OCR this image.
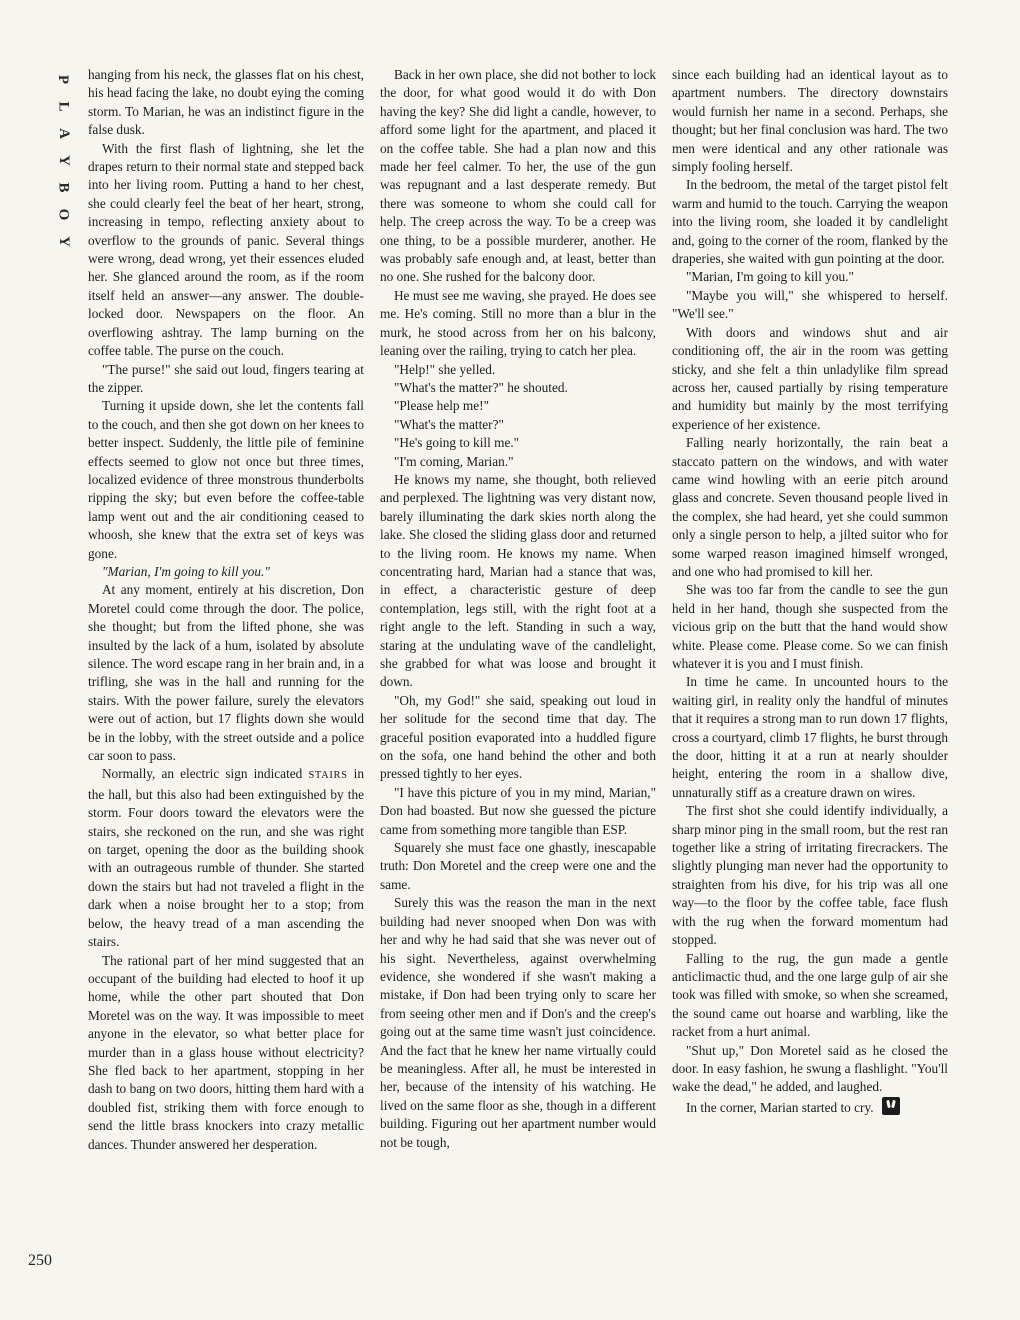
P
L
A
Y
B
O
Y

hanging from his neck, the glasses flat on his chest, his head facing the lake, no doubt eying the coming storm. To Marian, he was an indistinct figure in the false dusk.

With the first flash of lightning, she let the drapes return to their normal state and stepped back into her living room. Putting a hand to her chest, she could clearly feel the beat of her heart, strong, increasing in tempo, reflecting anxiety about to overflow to the grounds of panic. Several things were wrong, dead wrong, yet their essences eluded her. She glanced around the room, as if the room itself held an answer—any answer. The double-locked door. Newspapers on the floor. An overflowing ashtray. The lamp burning on the coffee table. The purse on the couch.

"The purse!" she said out loud, fingers tearing at the zipper.

Turning it upside down, she let the contents fall to the couch, and then she got down on her knees to better inspect. Suddenly, the little pile of feminine effects seemed to glow not once but three times, localized evidence of three monstrous thunderbolts ripping the sky; but even before the coffee-table lamp went out and the air conditioning ceased to whoosh, she knew that the extra set of keys was gone.

"Marian, I'm going to kill you."

At any moment, entirely at his discretion, Don Moretel could come through the door. The police, she thought; but from the lifted phone, she was insulted by the lack of a hum, isolated by absolute silence. The word escape rang in her brain and, in a trifling, she was in the hall and running for the stairs. With the power failure, surely the elevators were out of action, but 17 flights down she would be in the lobby, with the street outside and a police car soon to pass.

Normally, an electric sign indicated STAIRS in the hall, but this also had been extinguished by the storm. Four doors toward the elevators were the stairs, she reckoned on the run, and she was right on target, opening the door as the building shook with an outrageous rumble of thunder. She started down the stairs but had not traveled a flight in the dark when a noise brought her to a stop; from below, the heavy tread of a man ascending the stairs.

The rational part of her mind suggested that an occupant of the building had elected to hoof it up home, while the other part shouted that Don Moretel was on the way. It was impossible to meet anyone in the elevator, so what better place for murder than in a glass house without electricity? She fled back to her apartment, stopping in her dash to bang on two doors, hitting them hard with a doubled fist, striking them with force enough to send the little brass knockers into crazy metallic dances. Thunder answered her desperation.

Back in her own place, she did not bother to lock the door, for what good would it do with Don having the key? She did light a candle, however, to afford some light for the apartment, and placed it on the coffee table. She had a plan now and this made her feel calmer. To her, the use of the gun was repugnant and a last desperate remedy. But there was someone to whom she could call for help. The creep across the way. To be a creep was one thing, to be a possible murderer, another. He was probably safe enough and, at least, better than no one. She rushed for the balcony door.

He must see me waving, she prayed. He does see me. He's coming. Still no more than a blur in the murk, he stood across from her on his balcony, leaning over the railing, trying to catch her plea.

"Help!" she yelled.

"What's the matter?" he shouted.

"Please help me!"

"What's the matter?"

"He's going to kill me."

"I'm coming, Marian."

He knows my name, she thought, both relieved and perplexed. The lightning was very distant now, barely illuminating the dark skies north along the lake. She closed the sliding glass door and returned to the living room. He knows my name. When concentrating hard, Marian had a stance that was, in effect, a characteristic gesture of deep contemplation, legs still, with the right foot at a right angle to the left. Standing in such a way, staring at the undulating wave of the candlelight, she grabbed for what was loose and brought it down.

"Oh, my God!" she said, speaking out loud in her solitude for the second time that day. The graceful position evaporated into a huddled figure on the sofa, one hand behind the other and both pressed tightly to her eyes.

"I have this picture of you in my mind, Marian," Don had boasted. But now she guessed the picture came from something more tangible than ESP.

Squarely she must face one ghastly, inescapable truth: Don Moretel and the creep were one and the same.

Surely this was the reason the man in the next building had never snooped when Don was with her and why he had said that she was never out of his sight. Nevertheless, against overwhelming evidence, she wondered if she wasn't making a mistake, if Don had been trying only to scare her from seeing other men and if Don's and the creep's going out at the same time wasn't just coincidence. And the fact that he knew her name virtually could be meaningless. After all, he must be interested in her, because of the intensity of his watching. He lived on the same floor as she, though in a different building. Figuring out her apartment number would not be tough,

since each building had an identical layout as to apartment numbers. The directory downstairs would furnish her name in a second. Perhaps, she thought; but her final conclusion was hard. The two men were identical and any other rationale was simply fooling herself.

In the bedroom, the metal of the target pistol felt warm and humid to the touch. Carrying the weapon into the living room, she loaded it by candlelight and, going to the corner of the room, flanked by the draperies, she waited with gun pointing at the door.

"Marian, I'm going to kill you."

"Maybe you will," she whispered to herself. "We'll see."

With doors and windows shut and air conditioning off, the air in the room was getting sticky, and she felt a thin unladylike film spread across her, caused partially by rising temperature and humidity but mainly by the most terrifying experience of her existence.

Falling nearly horizontally, the rain beat a staccato pattern on the windows, and with water came wind howling with an eerie pitch around glass and concrete. Seven thousand people lived in the complex, she had heard, yet she could summon only a single person to help, a jilted suitor who for some warped reason imagined himself wronged, and one who had promised to kill her.

She was too far from the candle to see the gun held in her hand, though she suspected from the vicious grip on the butt that the hand would show white. Please come. Please come. So we can finish whatever it is you and I must finish.

In time he came. In uncounted hours to the waiting girl, in reality only the handful of minutes that it requires a strong man to run down 17 flights, cross a courtyard, climb 17 flights, he burst through the door, hitting it at a run at nearly shoulder height, entering the room in a shallow dive, unnaturally stiff as a creature drawn on wires.

The first shot she could identify individually, a sharp minor ping in the small room, but the rest ran together like a string of irritating firecrackers. The slightly plunging man never had the opportunity to straighten from his dive, for his trip was all one way—to the floor by the coffee table, face flush with the rug when the forward momentum had stopped.

Falling to the rug, the gun made a gentle anticlimactic thud, and the one large gulp of air she took was filled with smoke, so when she screamed, the sound came out hoarse and warbling, like the racket from a hurt animal.

"Shut up," Don Moretel said as he closed the door. In easy fashion, he swung a flashlight. "You'll wake the dead," he added, and laughed.

In the corner, Marian started to cry.

250
